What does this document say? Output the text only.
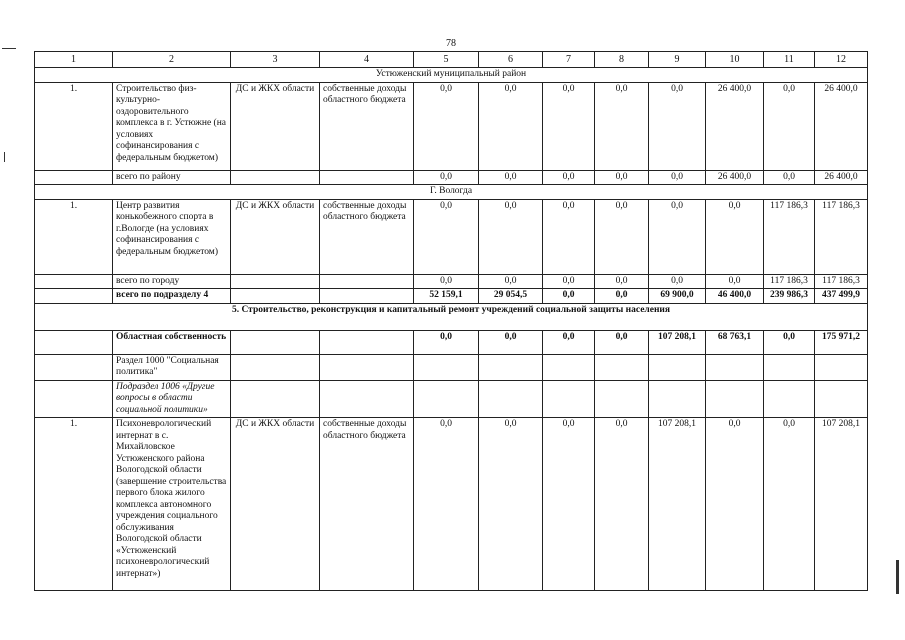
78
1	2	3	4	5	6	7	8	9	10	11	12
Устюженский муниципальный район											
1.	Строительство физ-культурно-оздоровительного комплекса в г. Устюжне (на условиях софинансирования с федеральным бюджетом)	ДС и ЖКХ области	собственные доходы областного бюджета	0,0	0,0	0,0	0,0	0,0	26 400,0	0,0	26 400,0
	всего по району			0,0	0,0	0,0	0,0	0,0	26 400,0	0,0	26 400,0
Г. Вологда											
1.	Центр развития конькобежного спорта в г.Вологде (на условиях софинансирования с федеральным бюджетом)	ДС и ЖКХ области	собственные доходы областного бюджета	0,0	0,0	0,0	0,0	0,0	0,0	117 186,3	117 186,3
	всего по городу			0,0	0,0	0,0	0,0	0,0	0,0	117 186,3	117 186,3
	всего по подразделу 4			52 159,1	29 054,5	0,0	0,0	69 900,0	46 400,0	239 986,3	437 499,9
5. Строительство, реконструкция и капитальный ремонт учреждений социальной защиты населения											
	Областная собственность			0,0	0,0	0,0	0,0	107 208,1	68 763,1	0,0	175 971,2
	Раздел 1000 "Социальная политика"										
	Подраздел 1006 «Другие вопросы в области социальной политики»										
1.	Психоневрологический интернат в с. Михайловское Устюженского района Вологодской области (завершение строительства первого блока жилого комплекса автономного учреждения социального обслуживания Вологодской области «Устюженский психоневрологический интернат»)	ДС и ЖКХ области	собственные доходы областного бюджета	0,0	0,0	0,0	0,0	107 208,1	0,0	0,0	107 208,1
